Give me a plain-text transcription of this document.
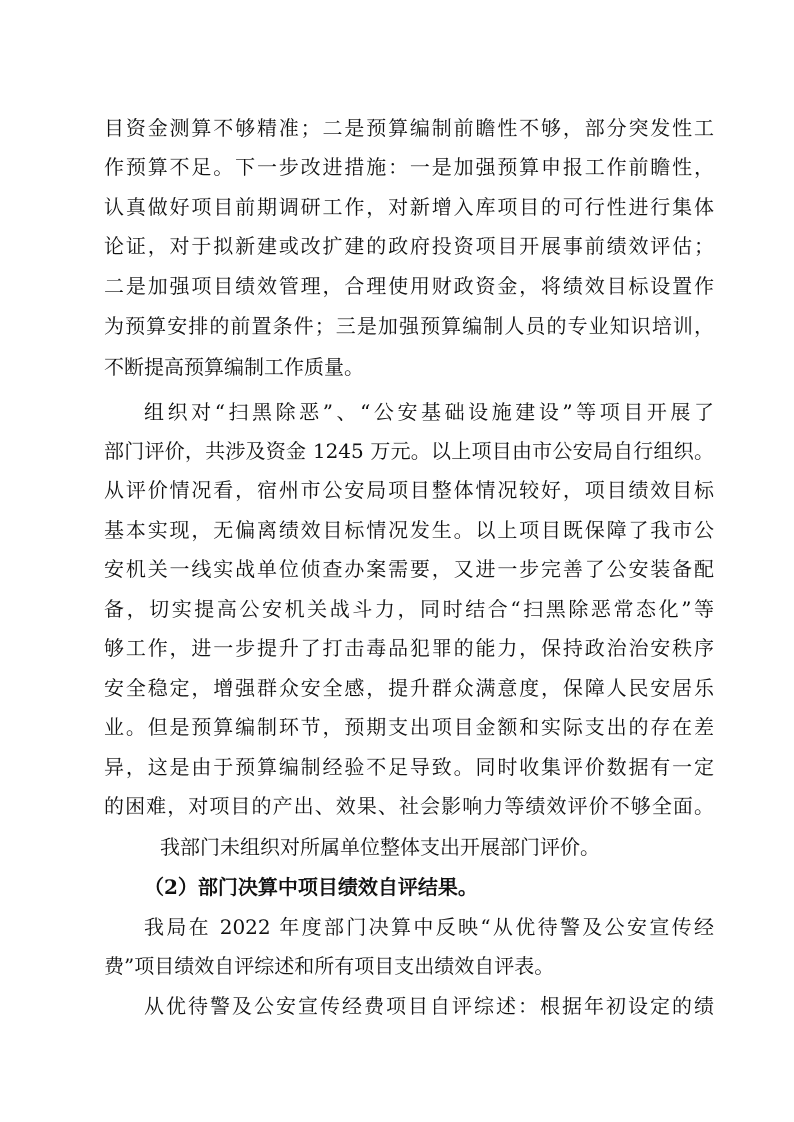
目资金测算不够精准；二是预算编制前瞻性不够，部分突发性工
作预算不足。下一步改进措施：一是加强预算申报工作前瞻性，
认真做好项目前期调研工作，对新增入库项目的可行性进行集体
论证，对于拟新建或改扩建的政府投资项目开展事前绩效评估；
二是加强项目绩效管理，合理使用财政资金，将绩效目标设置作
为预算安排的前置条件；三是加强预算编制人员的专业知识培训，
不断提高预算编制工作质量。
组织对“扫黑除恶”、“公安基础设施建设”等项目开展了
部门评价，共涉及资金 1245 万元。以上项目由市公安局自行组织。
从评价情况看，宿州市公安局项目整体情况较好，项目绩效目标
基本实现，无偏离绩效目标情况发生。以上项目既保障了我市公
安机关一线实战单位侦查办案需要，又进一步完善了公安装备配
备，切实提高公安机关战斗力，同时结合“扫黑除恶常态化”等
够工作，进一步提升了打击毒品犯罪的能力，保持政治治安秩序
安全稳定，增强群众安全感，提升群众满意度，保障人民安居乐
业。但是预算编制环节，预期支出项目金额和实际支出的存在差
异，这是由于预算编制经验不足导致。同时收集评价数据有一定
的困难，对项目的产出、效果、社会影响力等绩效评价不够全面。
我部门未组织对所属单位整体支出开展部门评价。
（2）部门决算中项目绩效自评结果。
我局在 2022 年度部门决算中反映“从优待警及公安宣传经
费”项目绩效自评综述和所有项目支出绩效自评表。
从优待警及公安宣传经费项目自评综述：根据年初设定的绩
